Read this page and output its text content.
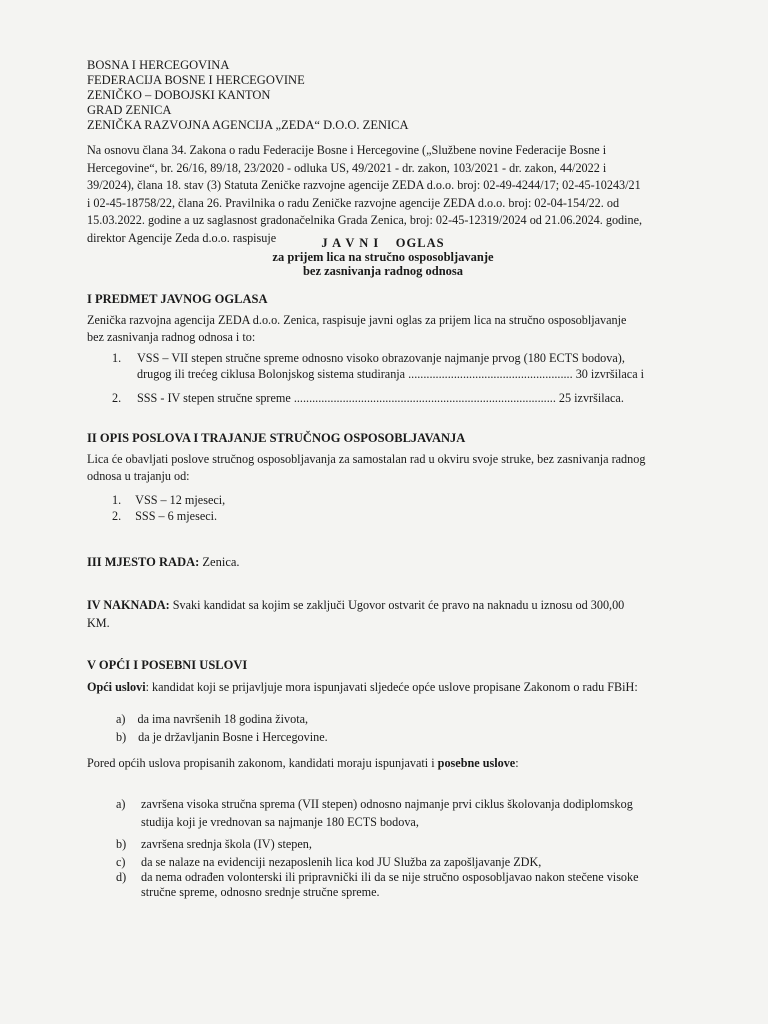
BOSNA I HERCEGOVINA
FEDERACIJA BOSNE I HERCEGOVINE
ZENIČKO – DOBOJSKI KANTON
GRAD ZENICA
ZENIČKA RAZVOJNA AGENCIJA „ZEDA“ D.O.O. ZENICA
Na osnovu člana 34. Zakona o radu Federacije Bosne i Hercegovine („Službene novine Federacije Bosne i
Hercegovine“, br. 26/16, 89/18, 23/2020 - odluka US, 49/2021 - dr. zakon, 103/2021 - dr. zakon, 44/2022 i
39/2024), člana 18. stav (3) Statuta Zeničke razvojne agencije ZEDA d.o.o. broj: 02-49-4244/17; 02-45-10243/21
i 02-45-18758/22, člana 26. Pravilnika o radu Zeničke razvojne agencije ZEDA d.o.o. broj: 02-04-154/22. od
15.03.2022. godine a uz saglasnost gradonačelnika Grada Zenica, broj: 02-45-12319/2024 od 21.06.2024. godine,
direktor Agencije Zeda d.o.o. raspisuje	J A V N I    OGLAS
za prijem lica na stručno osposobljavanje
bez zasnivanja radnog odnosa
I PREDMET JAVNOG OGLASA
Zenička razvojna agencija ZEDA d.o.o. Zenica, raspisuje javni oglas za prijem lica na stručno osposobljavanje
bez zasnivanja radnog odnosa i to:
1. VSS – VII stepen stručne spreme odnosno visoko obrazovanje najmanje prvog (180 ECTS bodova),
drugog ili trećeg ciklusa Bolonjskog sistema studiranja ...................................................... 30 izvršilaca i
2. SSS - IV stepen stručne spreme ...................................................................................... 25 izvršilaca.
II OPIS POSLOVA I TRAJANJE STRUČNOG OSPOSOBLJAVANJA
Lica će obavljati poslove stručnog osposobljavanja za samostalan rad u okviru svoje struke, bez zasnivanja radnog
odnosa u trajanju od:
1. VSS – 12 mjeseci,
2. SSS – 6 mjeseci.
III MJESTO RADA: Zenica.
IV NAKNADA: Svaki kandidat sa kojim se zaključi Ugovor ostvarit će pravo na naknadu u iznosu od 300,00
KM.
V OPĆI I POSEBNI USLOVI
Opći uslovi: kandidat koji se prijavljuje mora ispunjavati sljedeće opće uslove propisane Zakonom o radu FBiH:
a) da ima navršenih 18 godina života,
b) da je državljanin Bosne i Hercegovine.
Pored općih uslova propisanih zakonom, kandidati moraju ispunjavati i posebne uslove:
a) završena visoka stručna sprema (VII stepen) odnosno najmanje prvi ciklus školovanja dodiplomskog
studija koji je vrednovan sa najmanje 180 ECTS bodova,
b) završena srednja škola (IV) stepen,
c) da se nalaze na evidenciji nezaposlenih lica kod JU Služba za zapošljavanje ZDK,
d) da nema odrađen volonterski ili pripravnički ili da se nije stručno osposobljavao nakon stečene visoke
stručne spreme, odnosno srednje stručne spreme.
